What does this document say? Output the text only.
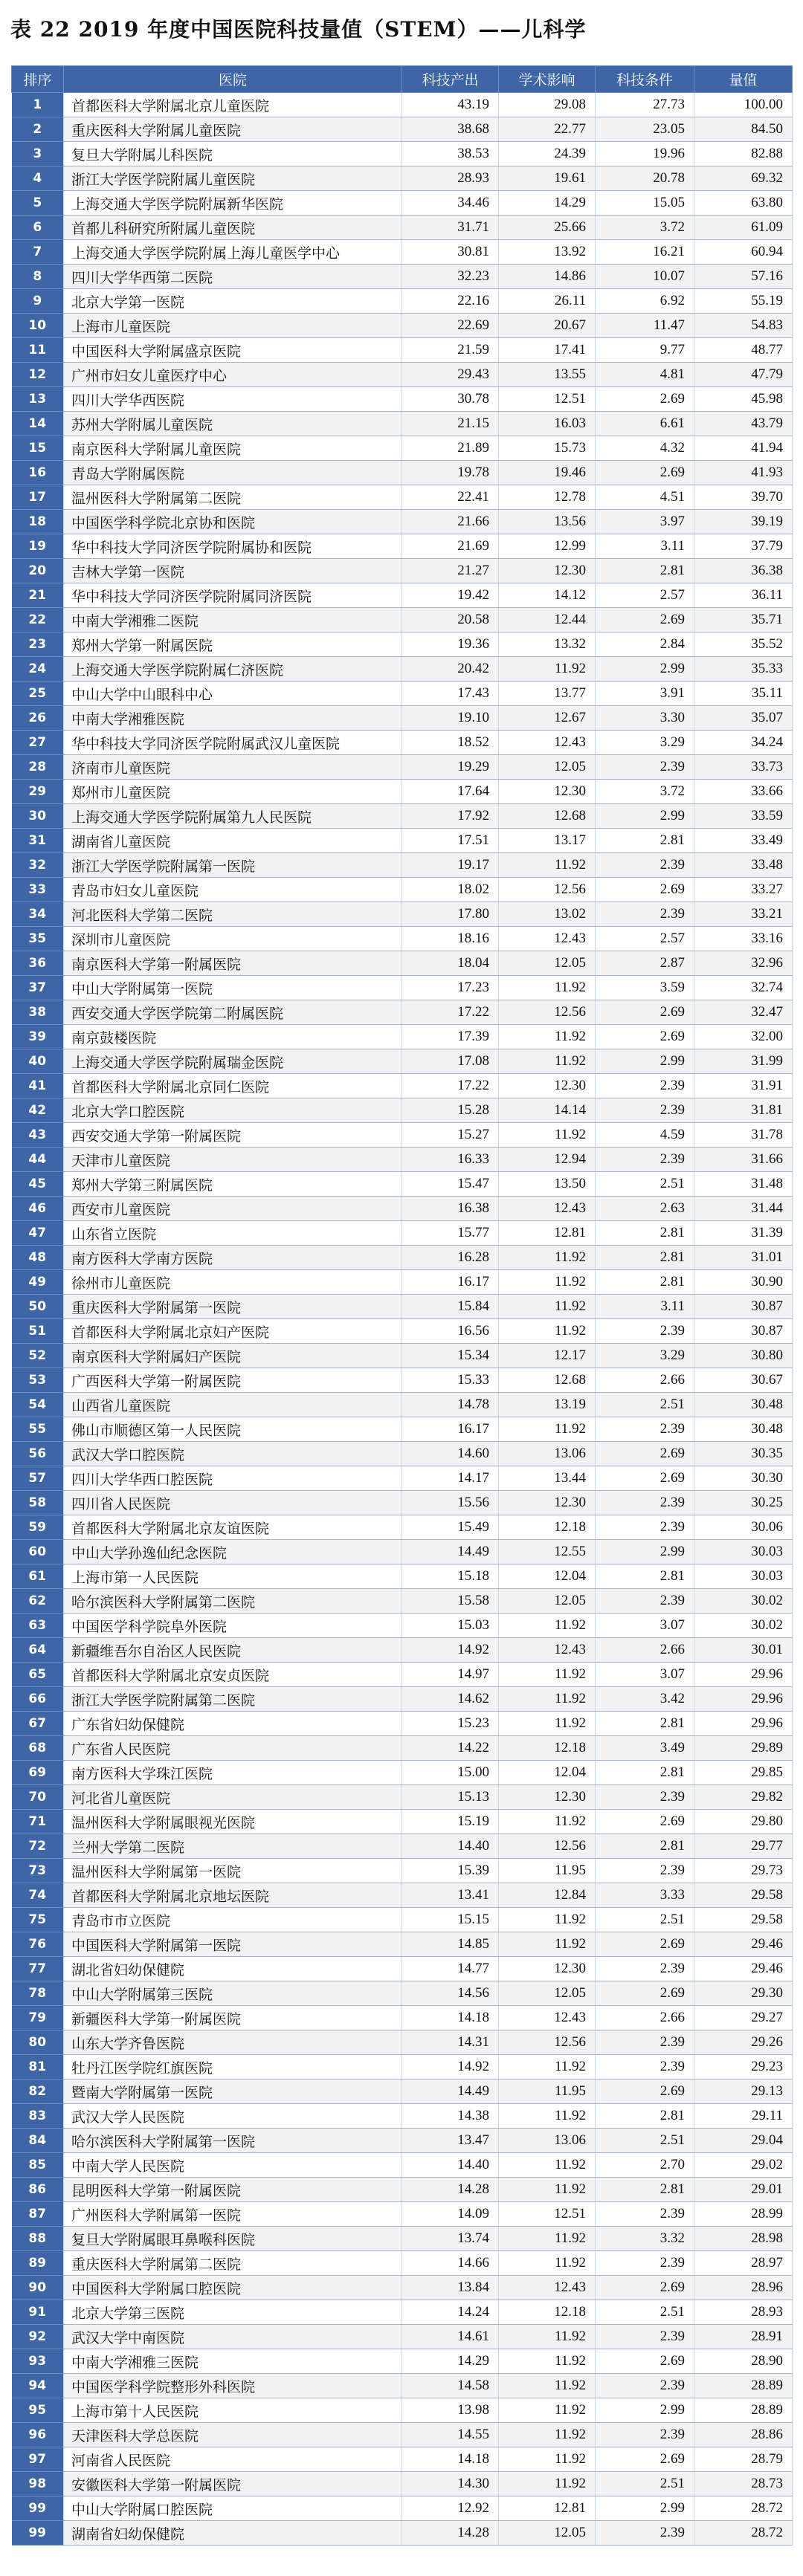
表 22 2019 年度中国医院科技量值（STEM）——儿科学
排序	医院	科技产出	学术影响	科技条件	量值
1	首都医科大学附属北京儿童医院	43.19	29.08	27.73	100.00
2	重庆医科大学附属儿童医院	38.68	22.77	23.05	84.50
3	复旦大学附属儿科医院	38.53	24.39	19.96	82.88
4	浙江大学医学院附属儿童医院	28.93	19.61	20.78	69.32
5	上海交通大学医学院附属新华医院	34.46	14.29	15.05	63.80
6	首都儿科研究所附属儿童医院	31.71	25.66	3.72	61.09
7	上海交通大学医学院附属上海儿童医学中心	30.81	13.92	16.21	60.94
8	四川大学华西第二医院	32.23	14.86	10.07	57.16
9	北京大学第一医院	22.16	26.11	6.92	55.19
10	上海市儿童医院	22.69	20.67	11.47	54.83
11	中国医科大学附属盛京医院	21.59	17.41	9.77	48.77
12	广州市妇女儿童医疗中心	29.43	13.55	4.81	47.79
13	四川大学华西医院	30.78	12.51	2.69	45.98
14	苏州大学附属儿童医院	21.15	16.03	6.61	43.79
15	南京医科大学附属儿童医院	21.89	15.73	4.32	41.94
16	青岛大学附属医院	19.78	19.46	2.69	41.93
17	温州医科大学附属第二医院	22.41	12.78	4.51	39.70
18	中国医学科学院北京协和医院	21.66	13.56	3.97	39.19
19	华中科技大学同济医学院附属协和医院	21.69	12.99	3.11	37.79
20	吉林大学第一医院	21.27	12.30	2.81	36.38
21	华中科技大学同济医学院附属同济医院	19.42	14.12	2.57	36.11
22	中南大学湘雅二医院	20.58	12.44	2.69	35.71
23	郑州大学第一附属医院	19.36	13.32	2.84	35.52
24	上海交通大学医学院附属仁济医院	20.42	11.92	2.99	35.33
25	中山大学中山眼科中心	17.43	13.77	3.91	35.11
26	中南大学湘雅医院	19.10	12.67	3.30	35.07
27	华中科技大学同济医学院附属武汉儿童医院	18.52	12.43	3.29	34.24
28	济南市儿童医院	19.29	12.05	2.39	33.73
29	郑州市儿童医院	17.64	12.30	3.72	33.66
30	上海交通大学医学院附属第九人民医院	17.92	12.68	2.99	33.59
31	湖南省儿童医院	17.51	13.17	2.81	33.49
32	浙江大学医学院附属第一医院	19.17	11.92	2.39	33.48
33	青岛市妇女儿童医院	18.02	12.56	2.69	33.27
34	河北医科大学第二医院	17.80	13.02	2.39	33.21
35	深圳市儿童医院	18.16	12.43	2.57	33.16
36	南京医科大学第一附属医院	18.04	12.05	2.87	32.96
37	中山大学附属第一医院	17.23	11.92	3.59	32.74
38	西安交通大学医学院第二附属医院	17.22	12.56	2.69	32.47
39	南京鼓楼医院	17.39	11.92	2.69	32.00
40	上海交通大学医学院附属瑞金医院	17.08	11.92	2.99	31.99
41	首都医科大学附属北京同仁医院	17.22	12.30	2.39	31.91
42	北京大学口腔医院	15.28	14.14	2.39	31.81
43	西安交通大学第一附属医院	15.27	11.92	4.59	31.78
44	天津市儿童医院	16.33	12.94	2.39	31.66
45	郑州大学第三附属医院	15.47	13.50	2.51	31.48
46	西安市儿童医院	16.38	12.43	2.63	31.44
47	山东省立医院	15.77	12.81	2.81	31.39
48	南方医科大学南方医院	16.28	11.92	2.81	31.01
49	徐州市儿童医院	16.17	11.92	2.81	30.90
50	重庆医科大学附属第一医院	15.84	11.92	3.11	30.87
51	首都医科大学附属北京妇产医院	16.56	11.92	2.39	30.87
52	南京医科大学附属妇产医院	15.34	12.17	3.29	30.80
53	广西医科大学第一附属医院	15.33	12.68	2.66	30.67
54	山西省儿童医院	14.78	13.19	2.51	30.48
55	佛山市顺德区第一人民医院	16.17	11.92	2.39	30.48
56	武汉大学口腔医院	14.60	13.06	2.69	30.35
57	四川大学华西口腔医院	14.17	13.44	2.69	30.30
58	四川省人民医院	15.56	12.30	2.39	30.25
59	首都医科大学附属北京友谊医院	15.49	12.18	2.39	30.06
60	中山大学孙逸仙纪念医院	14.49	12.55	2.99	30.03
61	上海市第一人民医院	15.18	12.04	2.81	30.03
62	哈尔滨医科大学附属第二医院	15.58	12.05	2.39	30.02
63	中国医学科学院阜外医院	15.03	11.92	3.07	30.02
64	新疆维吾尔自治区人民医院	14.92	12.43	2.66	30.01
65	首都医科大学附属北京安贞医院	14.97	11.92	3.07	29.96
66	浙江大学医学院附属第二医院	14.62	11.92	3.42	29.96
67	广东省妇幼保健院	15.23	11.92	2.81	29.96
68	广东省人民医院	14.22	12.18	3.49	29.89
69	南方医科大学珠江医院	15.00	12.04	2.81	29.85
70	河北省儿童医院	15.13	12.30	2.39	29.82
71	温州医科大学附属眼视光医院	15.19	11.92	2.69	29.80
72	兰州大学第二医院	14.40	12.56	2.81	29.77
73	温州医科大学附属第一医院	15.39	11.95	2.39	29.73
74	首都医科大学附属北京地坛医院	13.41	12.84	3.33	29.58
75	青岛市市立医院	15.15	11.92	2.51	29.58
76	中国医科大学附属第一医院	14.85	11.92	2.69	29.46
77	湖北省妇幼保健院	14.77	12.30	2.39	29.46
78	中山大学附属第三医院	14.56	12.05	2.69	29.30
79	新疆医科大学第一附属医院	14.18	12.43	2.66	29.27
80	山东大学齐鲁医院	14.31	12.56	2.39	29.26
81	牡丹江医学院红旗医院	14.92	11.92	2.39	29.23
82	暨南大学附属第一医院	14.49	11.95	2.69	29.13
83	武汉大学人民医院	14.38	11.92	2.81	29.11
84	哈尔滨医科大学附属第一医院	13.47	13.06	2.51	29.04
85	中南大学人民医院	14.40	11.92	2.70	29.02
86	昆明医科大学第一附属医院	14.28	11.92	2.81	29.01
87	广州医科大学附属第一医院	14.09	12.51	2.39	28.99
88	复旦大学附属眼耳鼻喉科医院	13.74	11.92	3.32	28.98
89	重庆医科大学附属第二医院	14.66	11.92	2.39	28.97
90	中国医科大学附属口腔医院	13.84	12.43	2.69	28.96
91	北京大学第三医院	14.24	12.18	2.51	28.93
92	武汉大学中南医院	14.61	11.92	2.39	28.91
93	中南大学湘雅三医院	14.29	11.92	2.69	28.90
94	中国医学科学院整形外科医院	14.58	11.92	2.39	28.89
95	上海市第十人民医院	13.98	11.92	2.99	28.89
96	天津医科大学总医院	14.55	11.92	2.39	28.86
97	河南省人民医院	14.18	11.92	2.69	28.79
98	安徽医科大学第一附属医院	14.30	11.92	2.51	28.73
99	中山大学附属口腔医院	12.92	12.81	2.99	28.72
99	湖南省妇幼保健院	14.28	12.05	2.39	28.72
